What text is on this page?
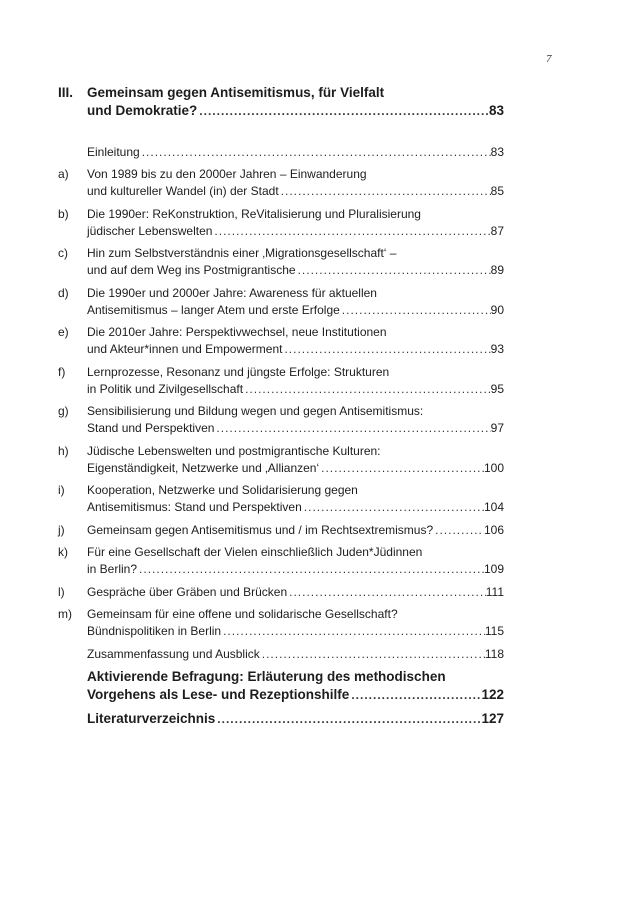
7
III.	Gemeinsam gegen Antisemitismus, für Vielfalt
und Demokratie? .....	83
Einleitung .....	83
a)	Von 1989 bis zu den 2000er Jahren – Einwanderung
und kultureller Wandel (in) der Stadt .....	85
b)	Die 1990er: ReKonstruktion, ReVitalisierung und Pluralisierung
jüdischer Lebenswelten .....	87
c)	Hin zum Selbstverständnis einer ‚Migrationsgesellschaft‘ –
und auf dem Weg ins Postmigrantische .....	89
d)	Die 1990er und 2000er Jahre: Awareness für aktuellen
Antisemitismus – langer Atem und erste Erfolge .....	90
e)	Die 2010er Jahre: Perspektivwechsel, neue Institutionen
und Akteur*innen und Empowerment .....	93
f)	Lernprozesse, Resonanz und jüngste Erfolge: Strukturen
in Politik und Zivilgesellschaft .....	95
g)	Sensibilisierung und Bildung wegen und gegen Antisemitismus:
Stand und Perspektiven .....	97
h)	Jüdische Lebenswelten und postmigrantische Kulturen:
Eigenständigkeit, Netzwerke und ‚Allianzen‘ .....	100
i)	Kooperation, Netzwerke und Solidarisierung gegen
Antisemitismus: Stand und Perspektiven .....	104
j)	Gemeinsam gegen Antisemitismus und / im Rechtsextremismus? .....	106
k)	Für eine Gesellschaft der Vielen einschließlich Juden*Jüdinnen
in Berlin? .....	109
l)	Gespräche über Gräben und Brücken .....	111
m)	Gemeinsam für eine offene und solidarische Gesellschaft?
Bündnispolitiken in Berlin .....	115
Zusammenfassung und Ausblick .....	118
Aktivierende Befragung: Erläuterung des methodischen
Vorgehens als Lese- und Rezeptionshilfe .....	122
Literaturverzeichnis .....	127
